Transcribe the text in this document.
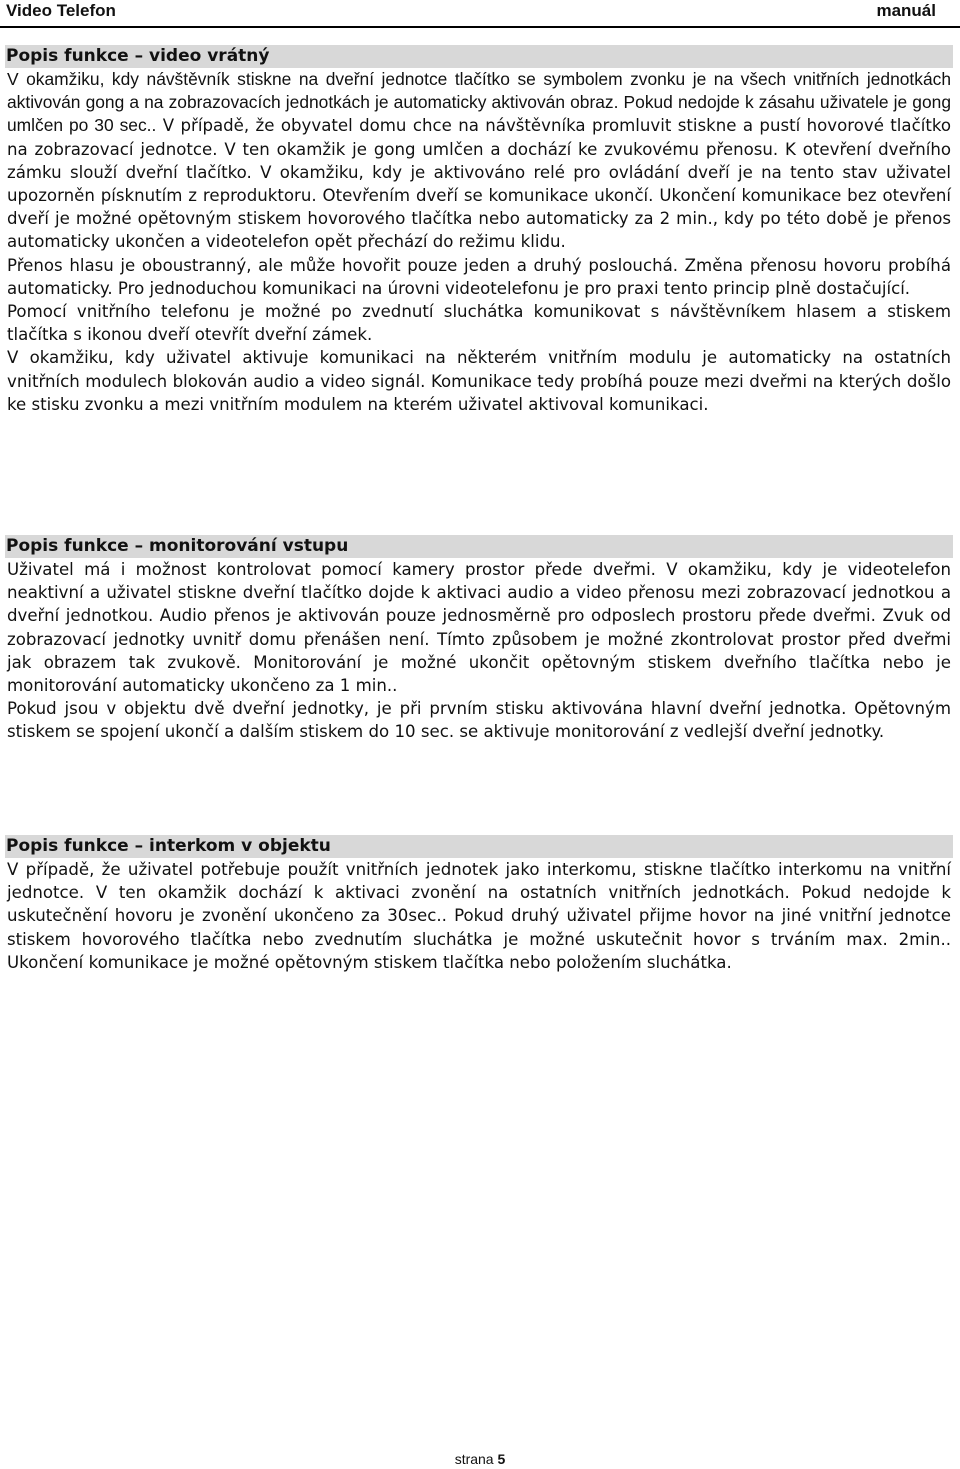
Video Telefon	manuál
Popis funkce – video vrátný

V okamžiku, kdy návštěvník stiskne na dveřní jednotce tlačítko se symbolem zvonku je na všech vnitřních jednotkách aktivován gong a na zobrazovacích jednotkách je automaticky aktivován obraz. Pokud nedojde k zásahu uživatele je gong umlčen po 30 sec.. V případě, že obyvatel domu chce na návštěvníka promluvit stiskne a pustí hovorové tlačítko na zobrazovací jednotce. V ten okamžik je gong umlčen a dochází ke zvukovému přenosu. K otevření dveřního zámku slouží dveřní tlačítko. V okamžiku, kdy je aktivováno relé pro ovládání dveří je na tento stav uživatel upozorněn písknutím z reproduktoru. Otevřením dveří se komunikace ukončí. Ukončení komunikace bez otevření dveří je možné opětovným stiskem hovorového tlačítka nebo automaticky za 2 min., kdy po této době je přenos automaticky ukončen a videotelefon opět přechází do režimu klidu.

Přenos hlasu je oboustranný, ale může hovořit pouze jeden a druhý poslouchá. Změna přenosu hovoru probíhá automaticky. Pro jednoduchou komunikaci na úrovni videotelefonu je pro praxi tento princip plně dostačující.

Pomocí vnitřního telefonu je možné po zvednutí sluchátka komunikovat s návštěvníkem hlasem a stiskem tlačítka s ikonou dveří otevřít dveřní zámek.

V okamžiku, kdy uživatel aktivuje komunikaci na některém vnitřním modulu je automaticky na ostatních vnitřních modulech blokován audio a video signál. Komunikace tedy probíhá pouze mezi dveřmi na kterých došlo ke stisku zvonku a mezi vnitřním modulem na kterém uživatel aktivoval komunikaci.

Popis funkce – monitorování vstupu

Uživatel má i možnost kontrolovat pomocí kamery prostor přede dveřmi. V okamžiku, kdy je videotelefon neaktivní a uživatel stiskne dveřní tlačítko dojde k aktivaci audio a video přenosu mezi zobrazovací jednotkou a dveřní jednotkou. Audio přenos je aktivován pouze jednosměrně pro odposlech prostoru přede dveřmi. Zvuk od zobrazovací jednotky uvnitř domu přenášen není. Tímto způsobem je možné zkontrolovat prostor před dveřmi jak obrazem tak zvukově. Monitorování je možné ukončit opětovným stiskem dveřního tlačítka nebo je monitorování automaticky ukončeno za 1 min..

Pokud jsou v objektu dvě dveřní jednotky, je při prvním stisku aktivována hlavní dveřní jednotka. Opětovným stiskem se spojení ukončí a dalším stiskem do 10 sec. se aktivuje monitorování z vedlejší dveřní jednotky.

Popis funkce – interkom v objektu

V případě, že uživatel potřebuje použít vnitřních jednotek jako interkomu, stiskne tlačítko interkomu na vnitřní jednotce. V ten okamžik dochází k aktivaci zvonění na ostatních vnitřních jednotkách. Pokud nedojde k uskutečnění hovoru je zvonění ukončeno za 30sec.. Pokud druhý uživatel přijme hovor na jiné vnitřní jednotce stiskem hovorového tlačítka nebo zvednutím sluchátka je možné uskutečnit hovor s trváním max. 2min.. Ukončení komunikace je možné opětovným stiskem tlačítka nebo položením sluchátka.

strana 5
